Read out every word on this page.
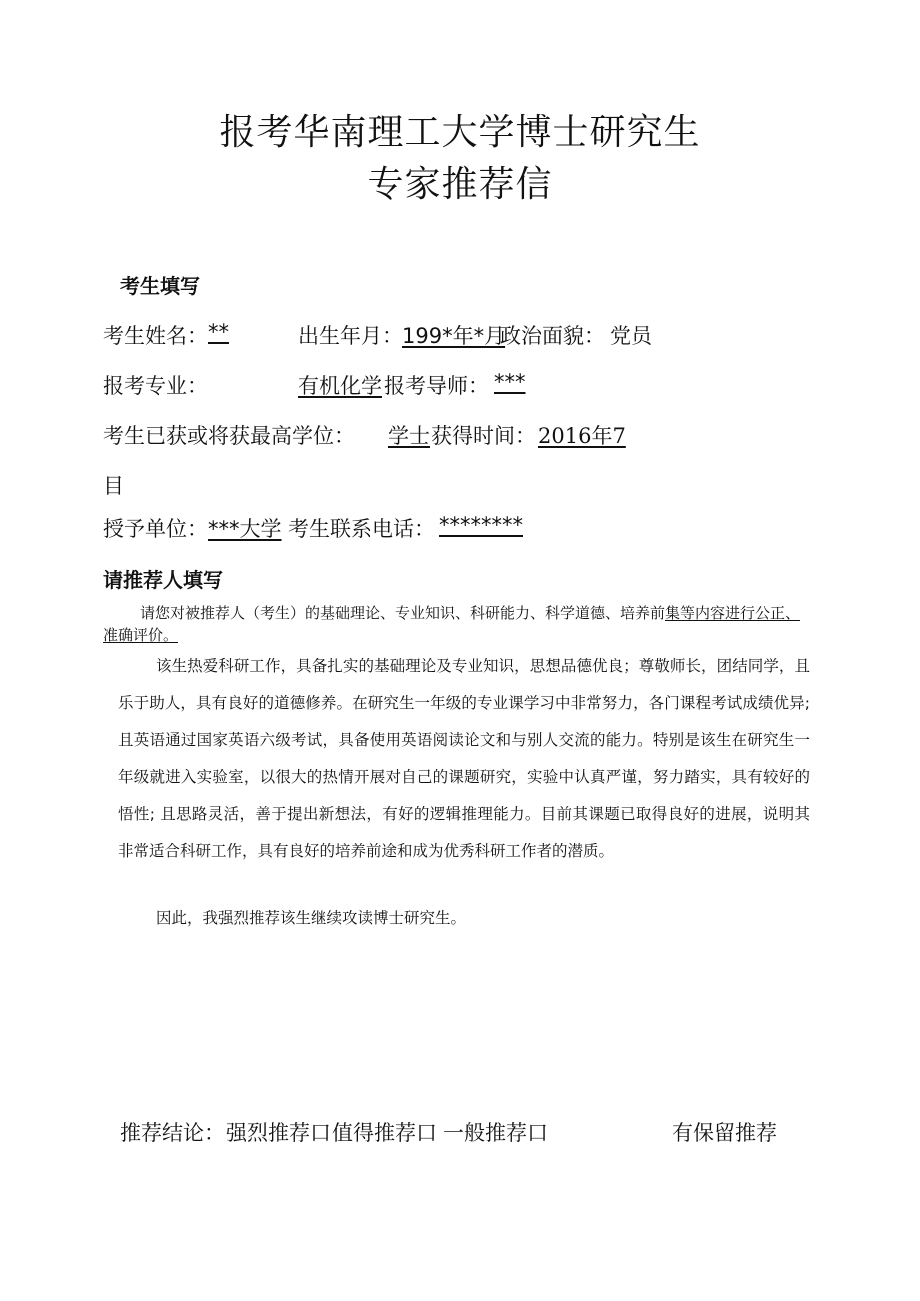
报考华南理工大学博士研究生
专家推荐信
考生填写
考生姓名： **	出生年月： 199*年*月
政治面貌： 党员
报考专业：	有机化学 报考导师： ***
考生已获或将获最高学位： 学士 获得时间： 2016年7
目
授予单位： ***大学 考生联系电话： ********
请推荐人填写
请您对被推荐人（考生）的基础理论、专业知识、科研能力、科学道德、培养前集等内容进行公正、准确评价。
该生热爱科研工作，具备扎实的基础理论及专业知识，思想品德优良；尊敬师长，团结同学，且乐于助人，具有良好的道德修养。在研究生一年级的专业课学习中非常努力，各门课程考试成绩优异; 且英语通过国家英语六级考试，具备使用英语阅读论文和与别人交流的能力。特别是该生在研究生一年级就进入实验室，以很大的热情开展对自己的课题研究，实验中认真严谨，努力踏实，具有较好的悟性; 且思路灵活，善于提出新想法，有好的逻辑推理能力。目前其课题已取得良好的进展，说明其非常适合科研工作，具有良好的培养前途和成为优秀科研工作者的潜质。
因此，我强烈推荐该生继续攻读博士研究生。
推荐结论： 强烈推荐口 值得推荐口 一般推荐口	有保留推荐
